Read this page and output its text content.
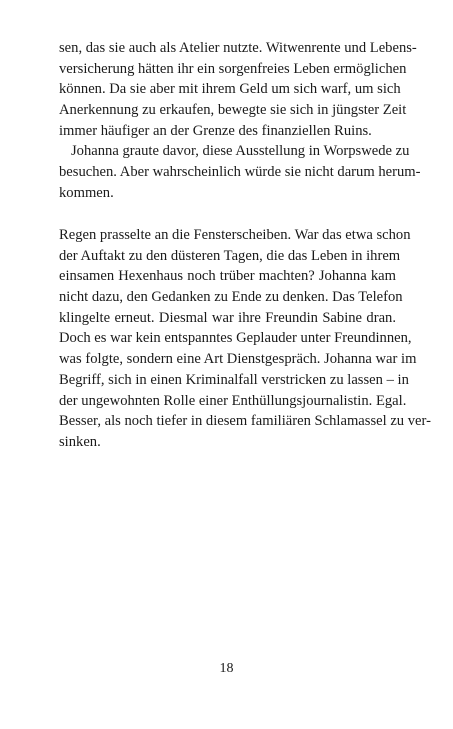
sen, das sie auch als Atelier nutzte. Witwenrente und Lebens-
versicherung hätten ihr ein sorgenfreies Leben ermöglichen
können. Da sie aber mit ihrem Geld um sich warf, um sich
Anerkennung zu erkaufen, bewegte sie sich in jüngster Zeit
immer häufiger an der Grenze des finanziellen Ruins.
Johanna graute davor, diese Ausstellung in Worpswede zu
besuchen. Aber wahrscheinlich würde sie nicht darum herum-
kommen.
Regen prasselte an die Fensterscheiben. War das etwa schon
der Auftakt zu den düsteren Tagen, die das Leben in ihrem
einsamen Hexenhaus noch trüber machten? Johanna kam
nicht dazu, den Gedanken zu Ende zu denken. Das Telefon
klingelte erneut. Diesmal war ihre Freundin Sabine dran.
Doch es war kein entspanntes Geplauder unter Freundinnen,
was folgte, sondern eine Art Dienstgespräch. Johanna war im
Begriff, sich in einen Kriminalfall verstricken zu lassen – in
der ungewohnten Rolle einer Enthüllungsjournalistin. Egal.
Besser, als noch tiefer in diesem familiären Schlamassel zu ver-
sinken.
18
